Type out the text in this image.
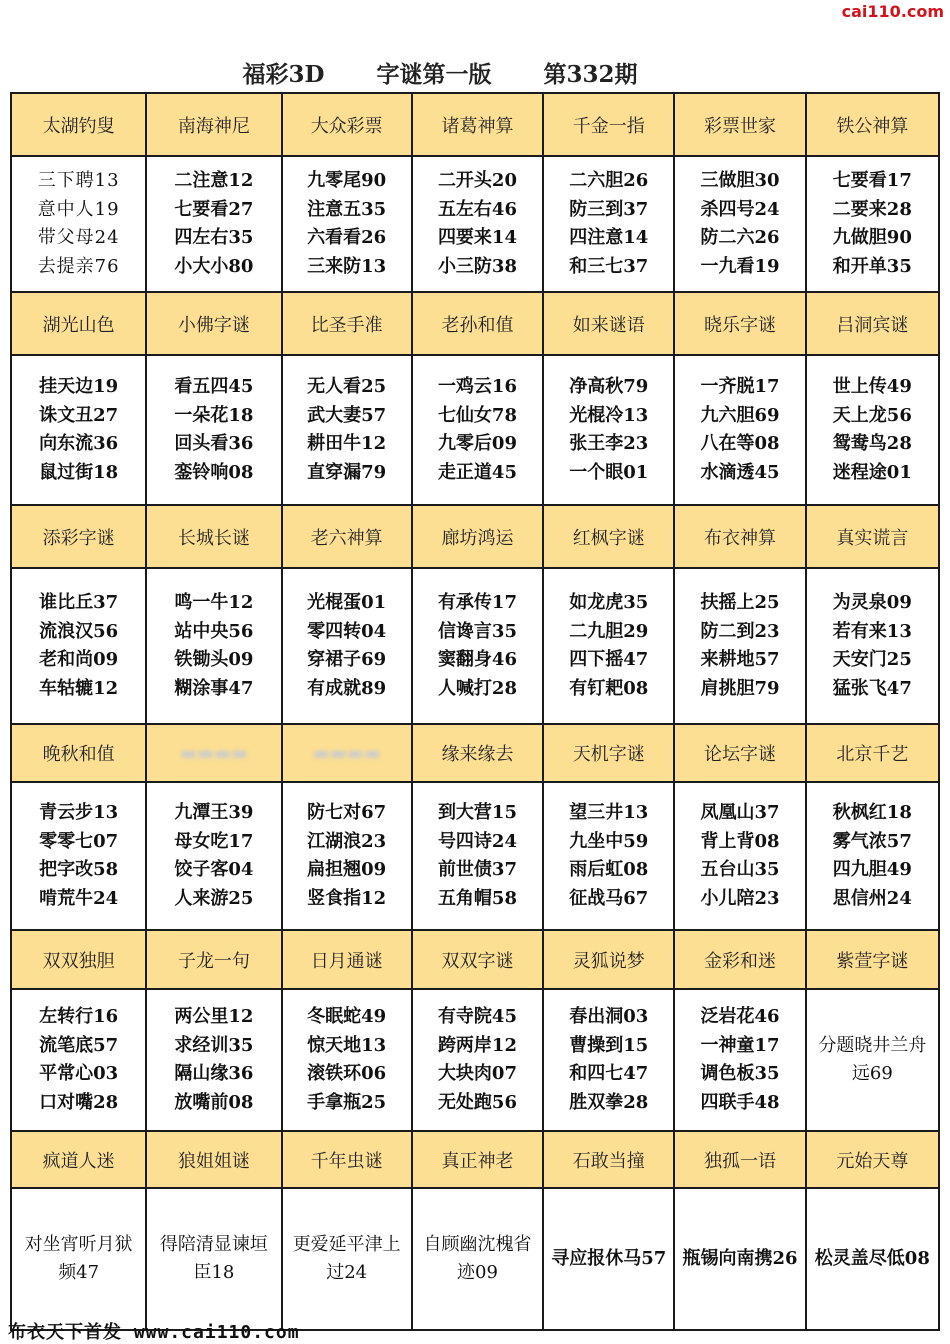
cai110.com
福彩3D 字谜第一版 第332期
太湖钓叟	南海神尼	大众彩票	诸葛神算	千金一指	彩票世家	铁公神算

三下聘13
意中人19
带父母24
去提亲76	二注意12
七要看27
四左右35
小大小80	九零尾90
注意五35
六看看26
三来防13	二开头20
五左右46
四要来14
小三防38	二六胆26
防三到37
四注意14
和三七37	三做胆30
杀四号24
防二六26
一九看19	七要看17
二要来28
九做胆90
和开单35

湖光山色	小佛字谜	比圣手准	老孙和值	如来谜语	晓乐字谜	吕洞宾谜

挂天边19
诛文丑27
向东流36
鼠过街18	看五四45
一朵花18
回头看36
銮铃响08	无人看25
武大妻57
耕田牛12
直穿漏79	一鸡云16
七仙女78
九零后09
走正道45	净高秋79
光棍冷13
张王李23
一个眼01	一齐脱17
九六胆69
八在等08
水滴透45	世上传49
天上龙56
鸳鸯鸟28
迷程途01

添彩字谜	长城长谜	老六神算	廊坊鸿运	红枫字谜	布衣神算	真实谎言

谁比丘37
流浪汉56
老和尚09
车轱辘12	鸣一牛12
站中央56
铁锄头09
糊涂事47	光棍蛋01
零四转04
穿裙子69
有成就89	有承传17
信谗言35
窦翻身46
人喊打28	如龙虎35
二九胆29
四下摇47
有钉耙08	扶摇上25
防二到23
来耕地57
肩挑胆79	为灵泉09
若有来13
天安门25
猛张飞47

晚秋和值	▬▬▬▬	▬▬▬▬	缘来缘去	天机字谜	论坛字谜	北京千艺

青云步13
零零七07
把字改58
啃荒牛24	九潭王39
母女吃17
饺子客04
人来游25	防七对67
江湖浪23
扁担翘09
竖食指12	到大营15
号四诗24
前世债37
五角帽58	望三井13
九坐中59
雨后虹08
征战马67	凤凰山37
背上背08
五台山35
小儿陪23	秋枫红18
雾气浓57
四九胆49
思信州24

双双独胆	子龙一句	日月通谜	双双字谜	灵狐说梦	金彩和迷	紫萱字谜

左转行16
流笔底57
平常心03
口对嘴28	两公里12
求经训35
隔山缘36
放嘴前08	冬眠蛇49
惊天地13
滚铁环06
手拿瓶25	有寺院45
跨两岸12
大块肉07
无处跑56	春出洞03
曹操到15
和四七47
胜双拳28	泛岩花46
一神童17
调色板35
四联手48	分题晓井兰舟远69

疯道人迷	狼姐姐谜	千年虫谜	真正神老	石敢当撞	独孤一语	元始天尊

对坐宵听月狱频47	得陪清显谏垣臣18	更爱延平津上过24	自顾幽沈槐省迹09	寻应报休马57	瓶锡向南携26	松灵盖尽低08
布衣天下首发 www.cai110.com
